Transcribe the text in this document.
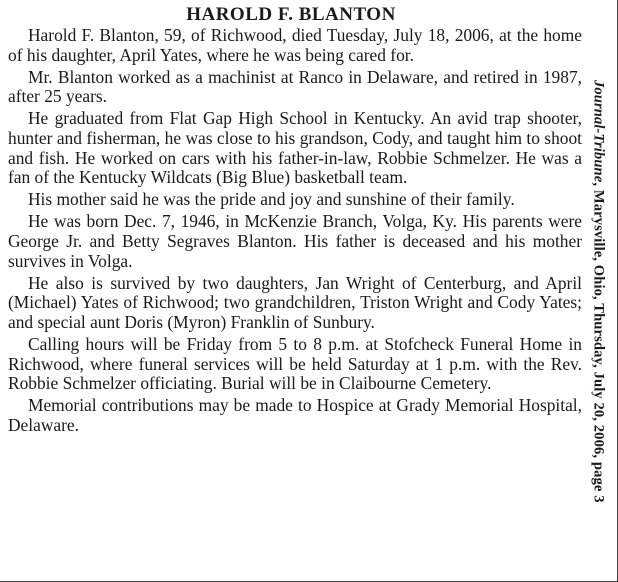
HAROLD F. BLANTON

Harold F. Blanton, 59, of Richwood, died Tuesday, July 18, 2006, at the home of his daughter, April Yates, where he was being cared for.

Mr. Blanton worked as a machinist at Ranco in Delaware, and retired in 1987, after 25 years.

He graduated from Flat Gap High School in Kentucky. An avid trap shooter, hunter and fisherman, he was close to his grandson, Cody, and taught him to shoot and fish. He worked on cars with his father-in-law, Robbie Schmelzer. He was a fan of the Kentucky Wildcats (Big Blue) basketball team.

His mother said he was the pride and joy and sunshine of their family.

He was born Dec. 7, 1946, in McKenzie Branch, Volga, Ky. His parents were George Jr. and Betty Segraves Blanton. His father is deceased and his mother survives in Volga.

He also is survived by two daughters, Jan Wright of Centerburg, and April (Michael) Yates of Richwood; two grandchildren, Triston Wright and Cody Yates; and special aunt Doris (Myron) Franklin of Sunbury.

Calling hours will be Friday from 5 to 8 p.m. at Stofcheck Funeral Home in Richwood, where funeral services will be held Saturday at 1 p.m. with the Rev. Robbie Schmelzer officiating. Burial will be in Claibourne Cemetery.

Memorial contributions may be made to Hospice at Grady Memorial Hospital, Delaware.

Journal-Tribune, Marysville, Ohio, Thursday, July 20, 2006, page 3
